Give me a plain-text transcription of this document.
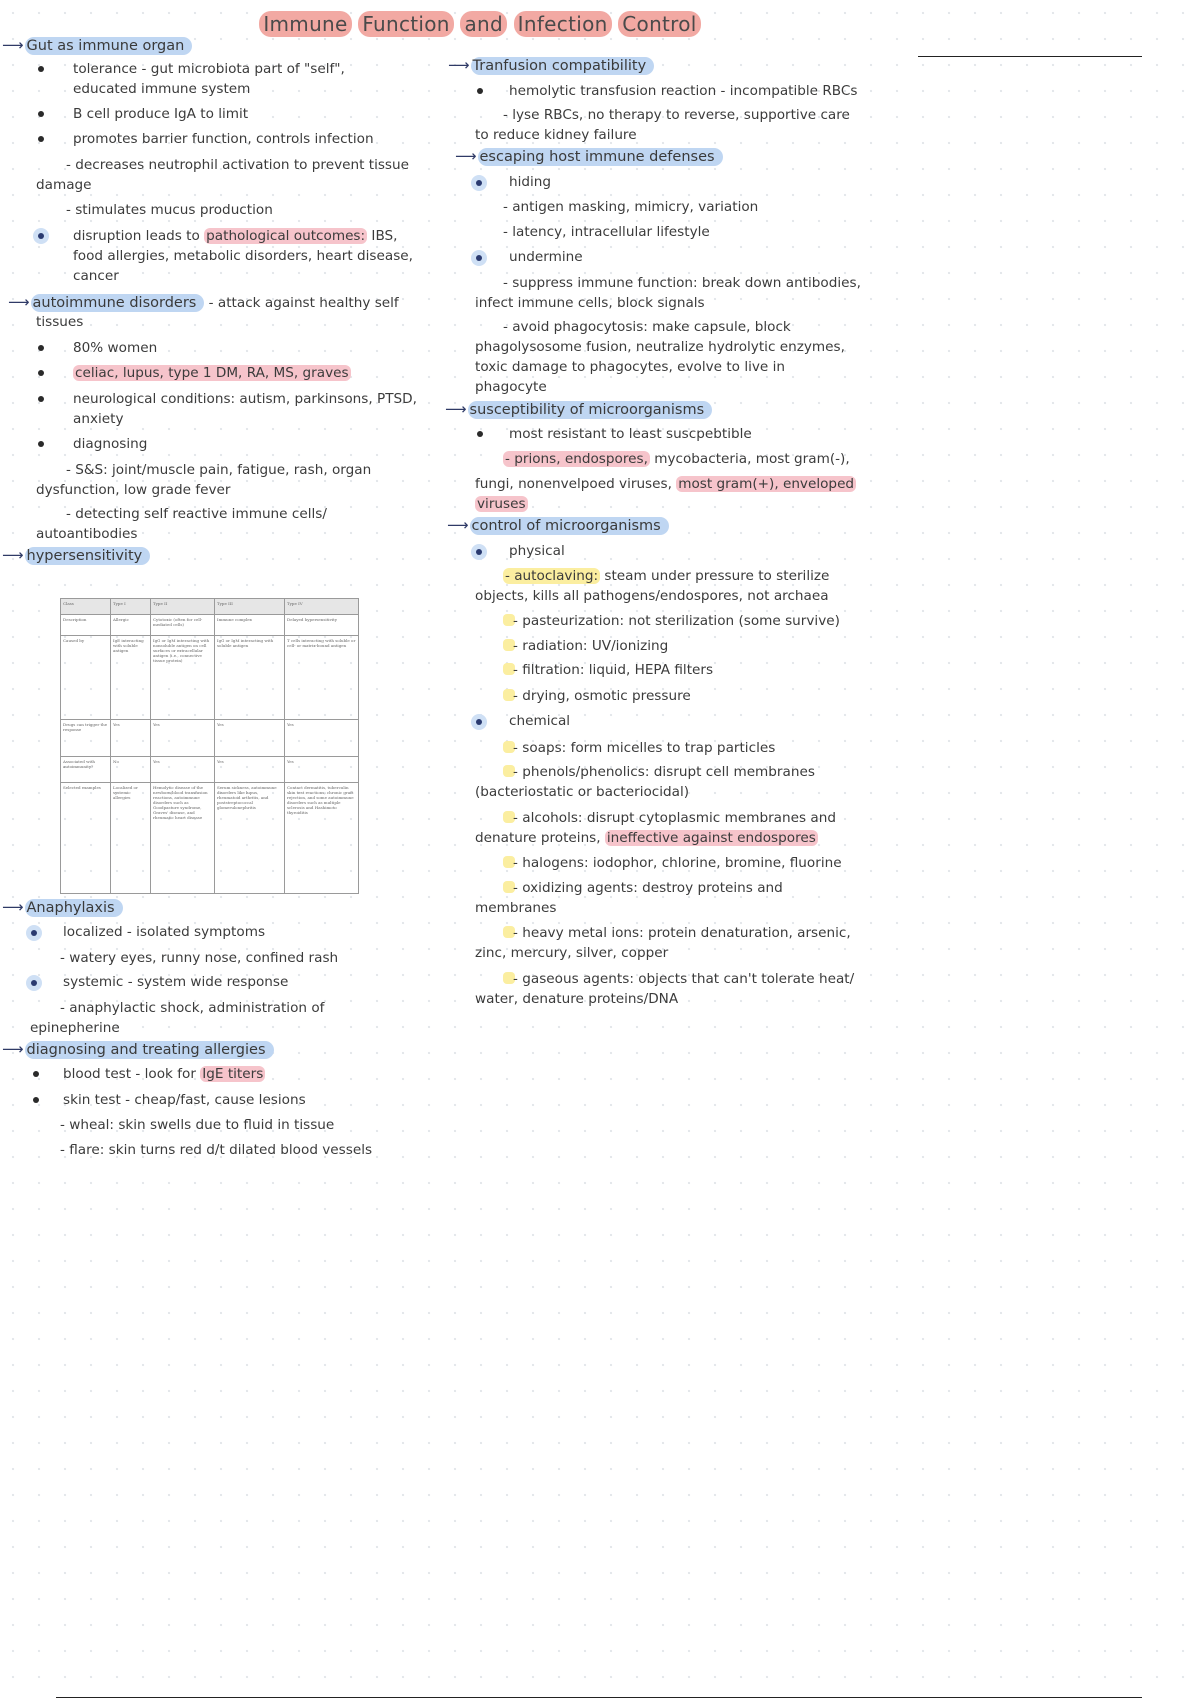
Immune Function and Infection Control
⟶ Gut as immune organ
tolerance - gut microbiota part of "self",
educated immune system
B cell produce IgA to limit
promotes barrier function, controls infection
- decreases neutrophil activation to prevent tissue
damage
- stimulates mucus production
disruption leads to pathological outcomes: IBS,
food allergies, metabolic disorders, heart disease,
cancer
⟶ autoimmune disorders - attack against healthy self
tissues
80% women
celiac, lupus, type 1 DM, RA, MS, graves
neurological conditions: autism, parkinsons, PTSD,
anxiety
diagnosing
- S&S: joint/muscle pain, fatigue, rash, organ
dysfunction, low grade fever
- detecting self reactive immune cells/
autoantibodies
⟶ hypersensitivity
Class	Type I	Type II	Type III	Type IV
Description	Allergic	Cytotoxic (often for cell-mediated cells)	Immune complex	Delayed hypersensitivity
Caused by	IgE interacting with soluble antigen	IgG or IgM interacting with nonsoluble antigen on cell surfaces or extracellular antigen (i.e., connective tissue protein)	IgG or IgM interacting with soluble antigen	T cells interacting with soluble or cell- or matrix-bound antigen
Drugs can trigger the response	Yes	Yes	Yes	Yes
Associated with autoimmunity?	No	Yes	Yes	Yes
Selected examples	Localized or systemic allergies	Hemolytic disease of the newborn/blood transfusion reactions, autoimmune disorders such as Goodpasture syndrome, Graves' disease, and rheumatic heart disease	Serum sickness, autoimmune disorders like lupus, rheumatoid arthritis, and poststreptococcal glomerulonephritis	Contact dermatitis, tuberculin skin test reactions, chronic graft rejection, and some autoimmune disorders such as multiple sclerosis and Hashimoto thyroiditis
⟶ Anaphylaxis
localized - isolated symptoms
- watery eyes, runny nose, confined rash
systemic - system wide response
- anaphylactic shock, administration of
epinepherine
⟶ diagnosing and treating allergies
blood test - look for IgE titers
skin test - cheap/fast, cause lesions
- wheal: skin swells due to fluid in tissue
- flare: skin turns red d/t dilated blood vessels
⟶ Tranfusion compatibility
hemolytic transfusion reaction - incompatible RBCs
- lyse RBCs, no therapy to reverse, supportive care
to reduce kidney failure
⟶ escaping host immune defenses
hiding
- antigen masking, mimicry, variation
- latency, intracellular lifestyle
undermine
- suppress immune function: break down antibodies,
infect immune cells, block signals
- avoid phagocytosis: make capsule, block
phagolysosome fusion, neutralize hydrolytic enzymes,
toxic damage to phagocytes, evolve to live in
phagocyte
⟶ susceptibility of microorganisms
most resistant to least suscpebtible
- prions, endospores, mycobacteria, most gram(-),
fungi, nonenvelpoed viruses, most gram(+), enveloped
viruses
⟶ control of microorganisms
physical
- autoclaving: steam under pressure to sterilize
objects, kills all pathogens/endospores, not archaea
- pasteurization: not sterilization (some survive)
- radiation: UV/ionizing
- filtration: liquid, HEPA filters
- drying, osmotic pressure
chemical
- soaps: form micelles to trap particles
- phenols/phenolics: disrupt cell membranes
(bacteriostatic or bacteriocidal)
- alcohols: disrupt cytoplasmic membranes and
denature proteins, ineffective against endospores
- halogens: iodophor, chlorine, bromine, fluorine
- oxidizing agents: destroy proteins and
membranes
- heavy metal ions: protein denaturation, arsenic,
zinc, mercury, silver, copper
- gaseous agents: objects that can't tolerate heat/
water, denature proteins/DNA
